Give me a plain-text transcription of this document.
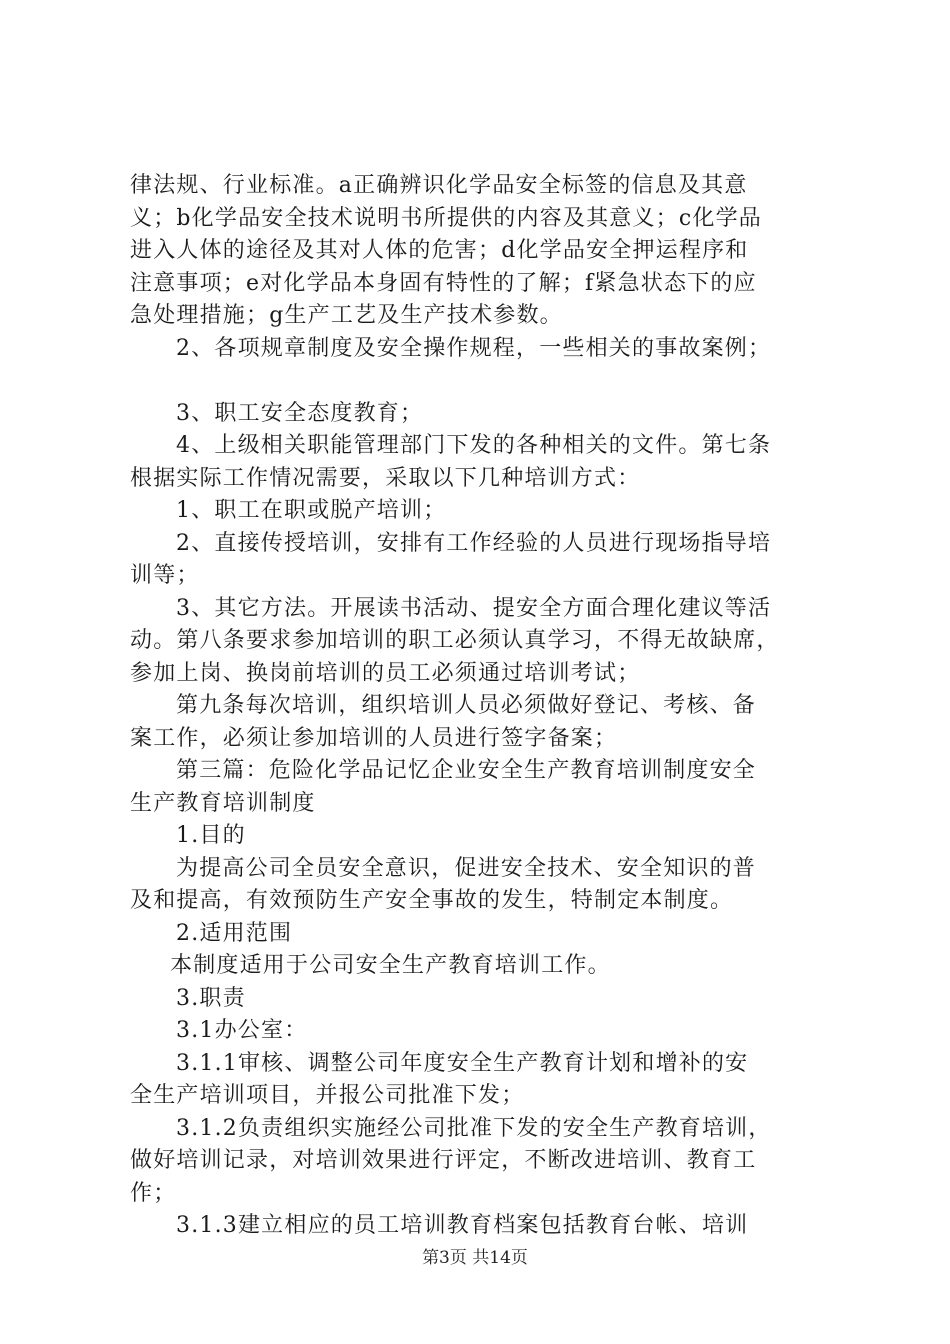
律法规、行业标准。a正确辨识化学品安全标签的信息及其意
义；b化学品安全技术说明书所提供的内容及其意义；c化学品
进入人体的途径及其对人体的危害；d化学品安全押运程序和
注意事项；e对化学品本身固有特性的了解；f紧急状态下的应
急处理措施；g生产工艺及生产技术参数。
2、各项规章制度及安全操作规程，一些相关的事故案例；
3、职工安全态度教育；
4、上级相关职能管理部门下发的各种相关的文件。第七条
根据实际工作情况需要，采取以下几种培训方式：
1、职工在职或脱产培训；
2、直接传授培训，安排有工作经验的人员进行现场指导培
训等；
3、其它方法。开展读书活动、提安全方面合理化建议等活
动。第八条要求参加培训的职工必须认真学习，不得无故缺席，
参加上岗、换岗前培训的员工必须通过培训考试；
第九条每次培训，组织培训人员必须做好登记、考核、备
案工作，必须让参加培训的人员进行签字备案；
第三篇：危险化学品记忆企业安全生产教育培训制度安全
生产教育培训制度
1.目的
为提高公司全员安全意识，促进安全技术、安全知识的普
及和提高，有效预防生产安全事故的发生，特制定本制度。
2.适用范围
本制度适用于公司安全生产教育培训工作。
3.职责
3.1办公室：
3.1.1审核、调整公司年度安全生产教育计划和增补的安
全生产培训项目，并报公司批准下发；
3.1.2负责组织实施经公司批准下发的安全生产教育培训，
做好培训记录，对培训效果进行评定，不断改进培训、教育工
作；
3.1.3建立相应的员工培训教育档案包括教育台帐、培训
第3页 共14页
